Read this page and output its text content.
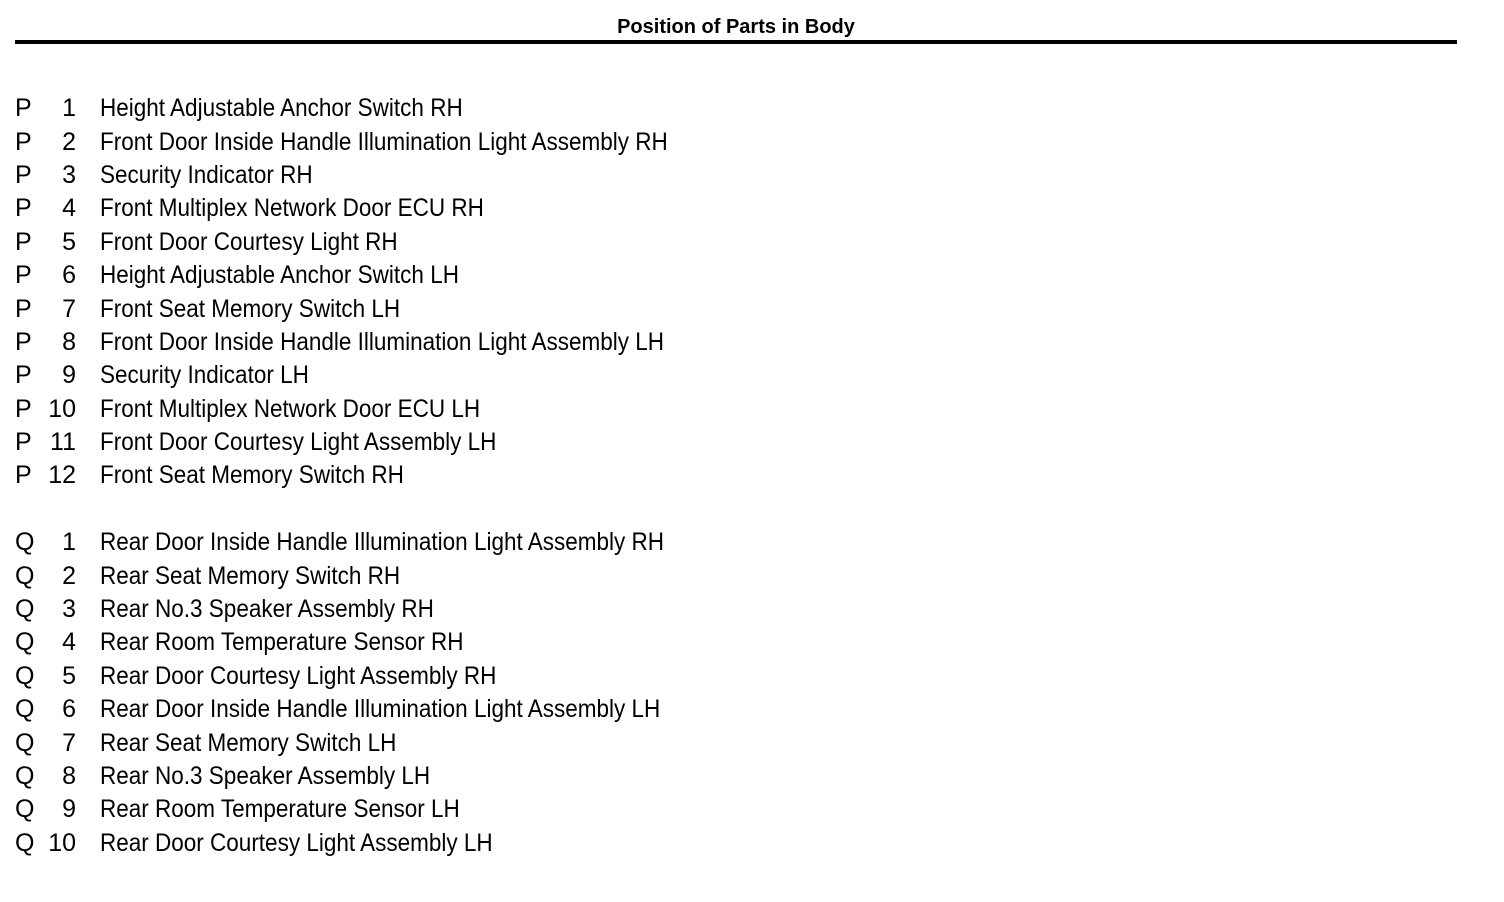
Position of Parts in Body
P	1 Height Adjustable Anchor Switch RH
P	2 Front Door Inside Handle Illumination Light Assembly RH
P	3 Security Indicator RH
P	4 Front Multiplex Network Door ECU RH
P	5 Front Door Courtesy Light RH
P	6 Height Adjustable Anchor Switch LH
P	7 Front Seat Memory Switch LH
P	8 Front Door Inside Handle Illumination Light Assembly LH
P	9 Security Indicator LH
P 10 Front Multiplex Network Door ECU LH
P 11 Front Door Courtesy Light Assembly LH
P 12 Front Seat Memory Switch RH
Q	1 Rear Door Inside Handle Illumination Light Assembly RH
Q	2 Rear Seat Memory Switch RH
Q	3 Rear No.3 Speaker Assembly RH
Q	4 Rear Room Temperature Sensor RH
Q	5 Rear Door Courtesy Light Assembly RH
Q	6 Rear Door Inside Handle Illumination Light Assembly LH
Q	7 Rear Seat Memory Switch LH
Q	8 Rear No.3 Speaker Assembly LH
Q	9 Rear Room Temperature Sensor LH
Q 10 Rear Door Courtesy Light Assembly LH
